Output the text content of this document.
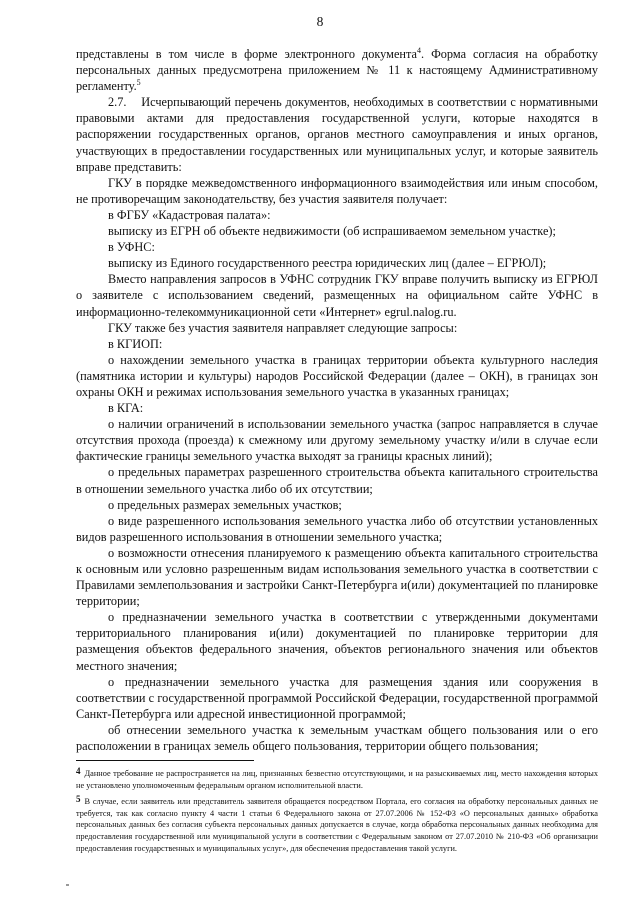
8

представлены в том числе в форме электронного документа$^4$. Форма согласия на обработку персональных данных предусмотрена приложением № 11 к настоящему Административному регламенту.$^5$

2.7.    Исчерпывающий перечень документов, необходимых в соответствии с нормативными правовыми актами для предоставления государственной услуги, которые находятся в распоряжении государственных органов, органов местного самоуправления и иных органов, участвующих в предоставлении государственных или муниципальных услуг, и которые заявитель вправе представить:

ГКУ в порядке межведомственного информационного взаимодействия или иным способом, не противоречащим законодательству, без участия заявителя получает:

в ФГБУ «Кадастровая палата»:

выписку из ЕГРН об объекте недвижимости (об испрашиваемом земельном участке);

в УФНС:

выписку из Единого государственного реестра юридических лиц (далее – ЕГРЮЛ);

Вместо направления запросов в УФНС сотрудник ГКУ вправе получить выписку из ЕГРЮЛ о заявителе с использованием сведений, размещенных на официальном сайте УФНС в информационно-телекоммуникационной сети «Интернет» egrul.nalog.ru.

ГКУ также без участия заявителя направляет следующие запросы:

в КГИОП:

о нахождении земельного участка в границах территории объекта культурного наследия (памятника истории и культуры) народов Российской Федерации (далее – ОКН), в границах зон охраны ОКН и режимах использования земельного участка в указанных границах;

в КГА:

о наличии ограничений в использовании земельного участка (запрос направляется в случае отсутствия прохода (проезда) к смежному или другому земельному участку и/или в случае если фактические границы земельного участка выходят за границы красных линий);

о предельных параметрах разрешенного строительства объекта капитального строительства в отношении земельного участка либо об их отсутствии;

о предельных размерах земельных участков;

о виде разрешенного использования земельного участка либо об отсутствии установленных видов разрешенного использования в отношении земельного участка;

о возможности отнесения планируемого к размещению объекта капитального строительства к основным или условно разрешенным видам использования земельного участка в соответствии с Правилами землепользования и застройки Санкт-Петербурга и(или) документацией по планировке территории;

о предназначении земельного участка в соответствии с утвержденными документами территориального планирования и(или) документацией по планировке территории для размещения объектов федерального значения, объектов регионального значения или объектов местного значения;

о предназначении земельного участка для размещения здания или сооружения в соответствии с государственной программой Российской Федерации, государственной программой Санкт-Петербурга или адресной инвестиционной программой;

об отнесении земельного участка к земельным участкам общего пользования или о его расположении в границах земель общего пользования, территории общего пользования;

4 Данное требование не распространяется на лиц, признанных безвестно отсутствующими, и на разыскиваемых лиц, место нахождения которых не установлено уполномоченным федеральным органом исполнительной власти.

5 В случае, если заявитель или представитель заявителя обращается посредством Портала, его согласия на обработку персональных данных не требуется, так как согласно пункту 4 части 1 статьи 6 Федерального закона от 27.07.2006 № 152-ФЗ «О персональных данных» обработка персональных данных без согласия субъекта персональных данных допускается в случае, когда обработка персональных данных необходима для предоставления государственной или муниципальной услуги в соответствии с Федеральным законом от 27.07.2010 № 210-ФЗ «Об организации предоставления государственных и муниципальных услуг», для обеспечения предоставления такой услуги.
